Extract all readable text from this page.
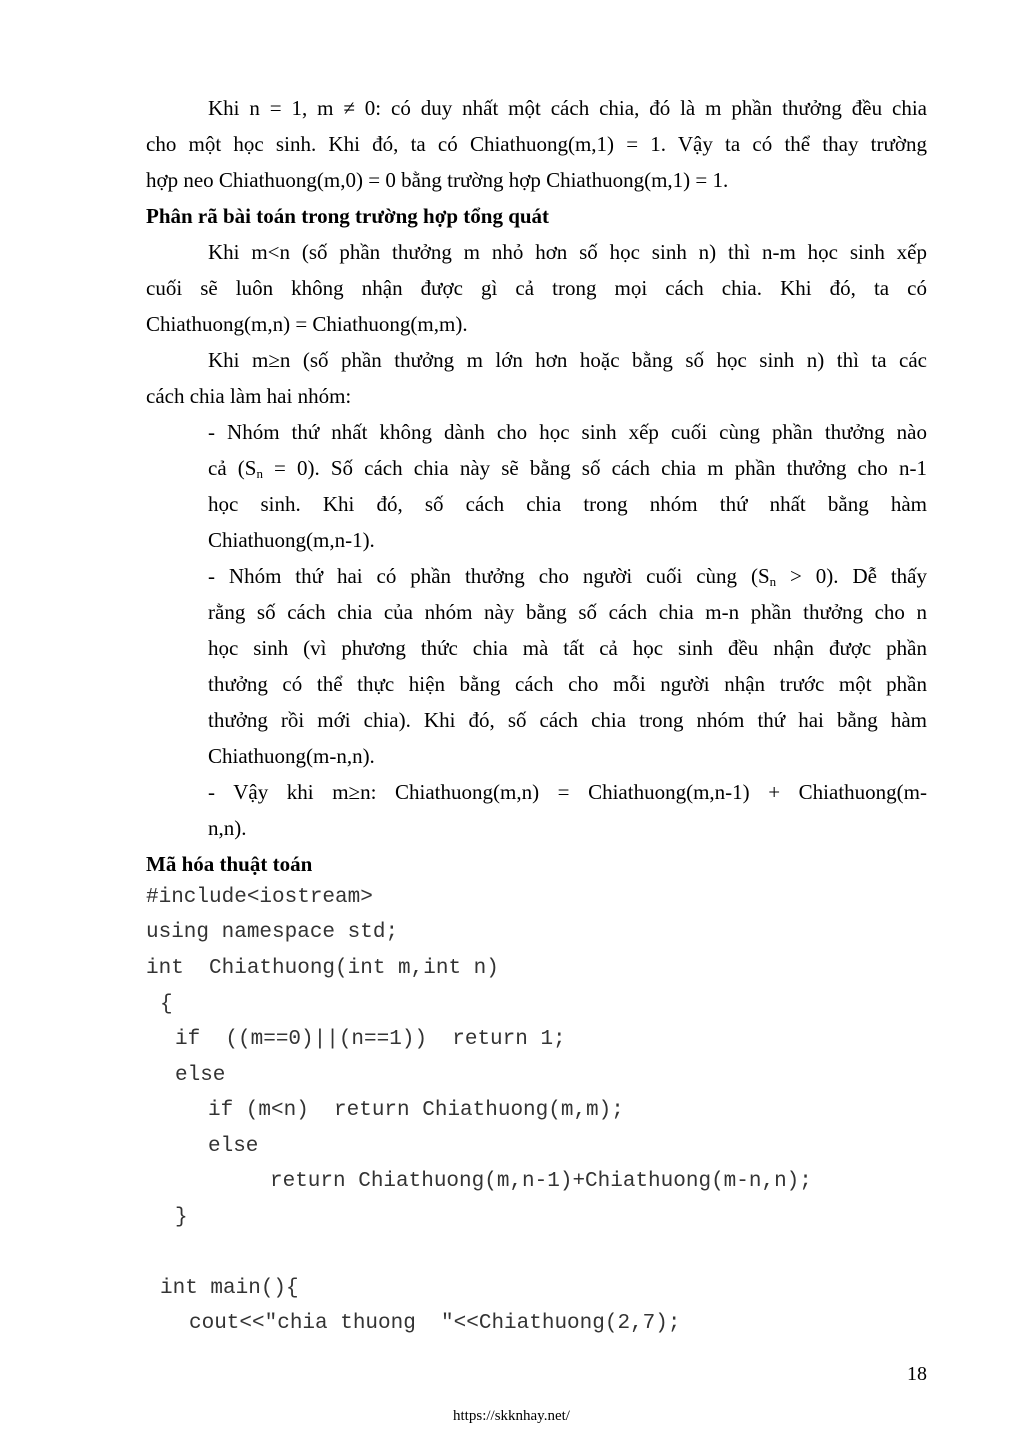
Khi n = 1, m ≠ 0: có duy nhất một cách chia, đó là m phần thưởng đều chia
cho một học sinh. Khi đó, ta có Chiathuong(m,1) = 1. Vậy ta có thể thay trường
hợp neo Chiathuong(m,0) = 0 bằng trường hợp Chiathuong(m,1) = 1.
Phân rã bài toán trong trường hợp tổng quát
Khi m<n (số phần thưởng m nhỏ hơn số học sinh n) thì n-m học sinh xếp
cuối sẽ luôn không nhận được gì cả trong mọi cách chia. Khi đó, ta có
Chiathuong(m,n) = Chiathuong(m,m).
Khi m≥n (số phần thưởng m lớn hơn hoặc bằng số học sinh n) thì ta các
cách chia làm hai nhóm:
- Nhóm thứ nhất không dành cho học sinh xếp cuối cùng phần thưởng nào
cả $(S_n = 0)$. Số cách chia này sẽ bằng số cách chia m phần thưởng cho n-1
học sinh. Khi đó, số cách chia trong nhóm thứ nhất bằng hàm
Chiathuong(m,n-1).
- Nhóm thứ hai có phần thưởng cho người cuối cùng $(S_n > 0)$. Dễ thấy
rằng số cách chia của nhóm này bằng số cách chia m-n phần thưởng cho n
học sinh (vì phương thức chia mà tất cả học sinh đều nhận được phần
thưởng có thể thực hiện bằng cách cho mỗi người nhận trước một phần
thưởng rồi mới chia). Khi đó, số cách chia trong nhóm thứ hai bằng hàm
Chiathuong(m-n,n).
- Vậy khi m≥n: Chiathuong(m,n) = Chiathuong(m,n-1) + Chiathuong(m-
n,n).
Mã hóa thuật toán
#include<iostream>
using namespace std;
int  Chiathuong(int m,int n)
{
if  ((m==0)||(n==1))  return 1;
else
if (m<n)  return Chiathuong(m,m);
else
return Chiathuong(m,n-1)+Chiathuong(m-n,n);
}
int main(){
cout<<"chia thuong  "<<Chiathuong(2,7);
18
https://skknhay.net/
